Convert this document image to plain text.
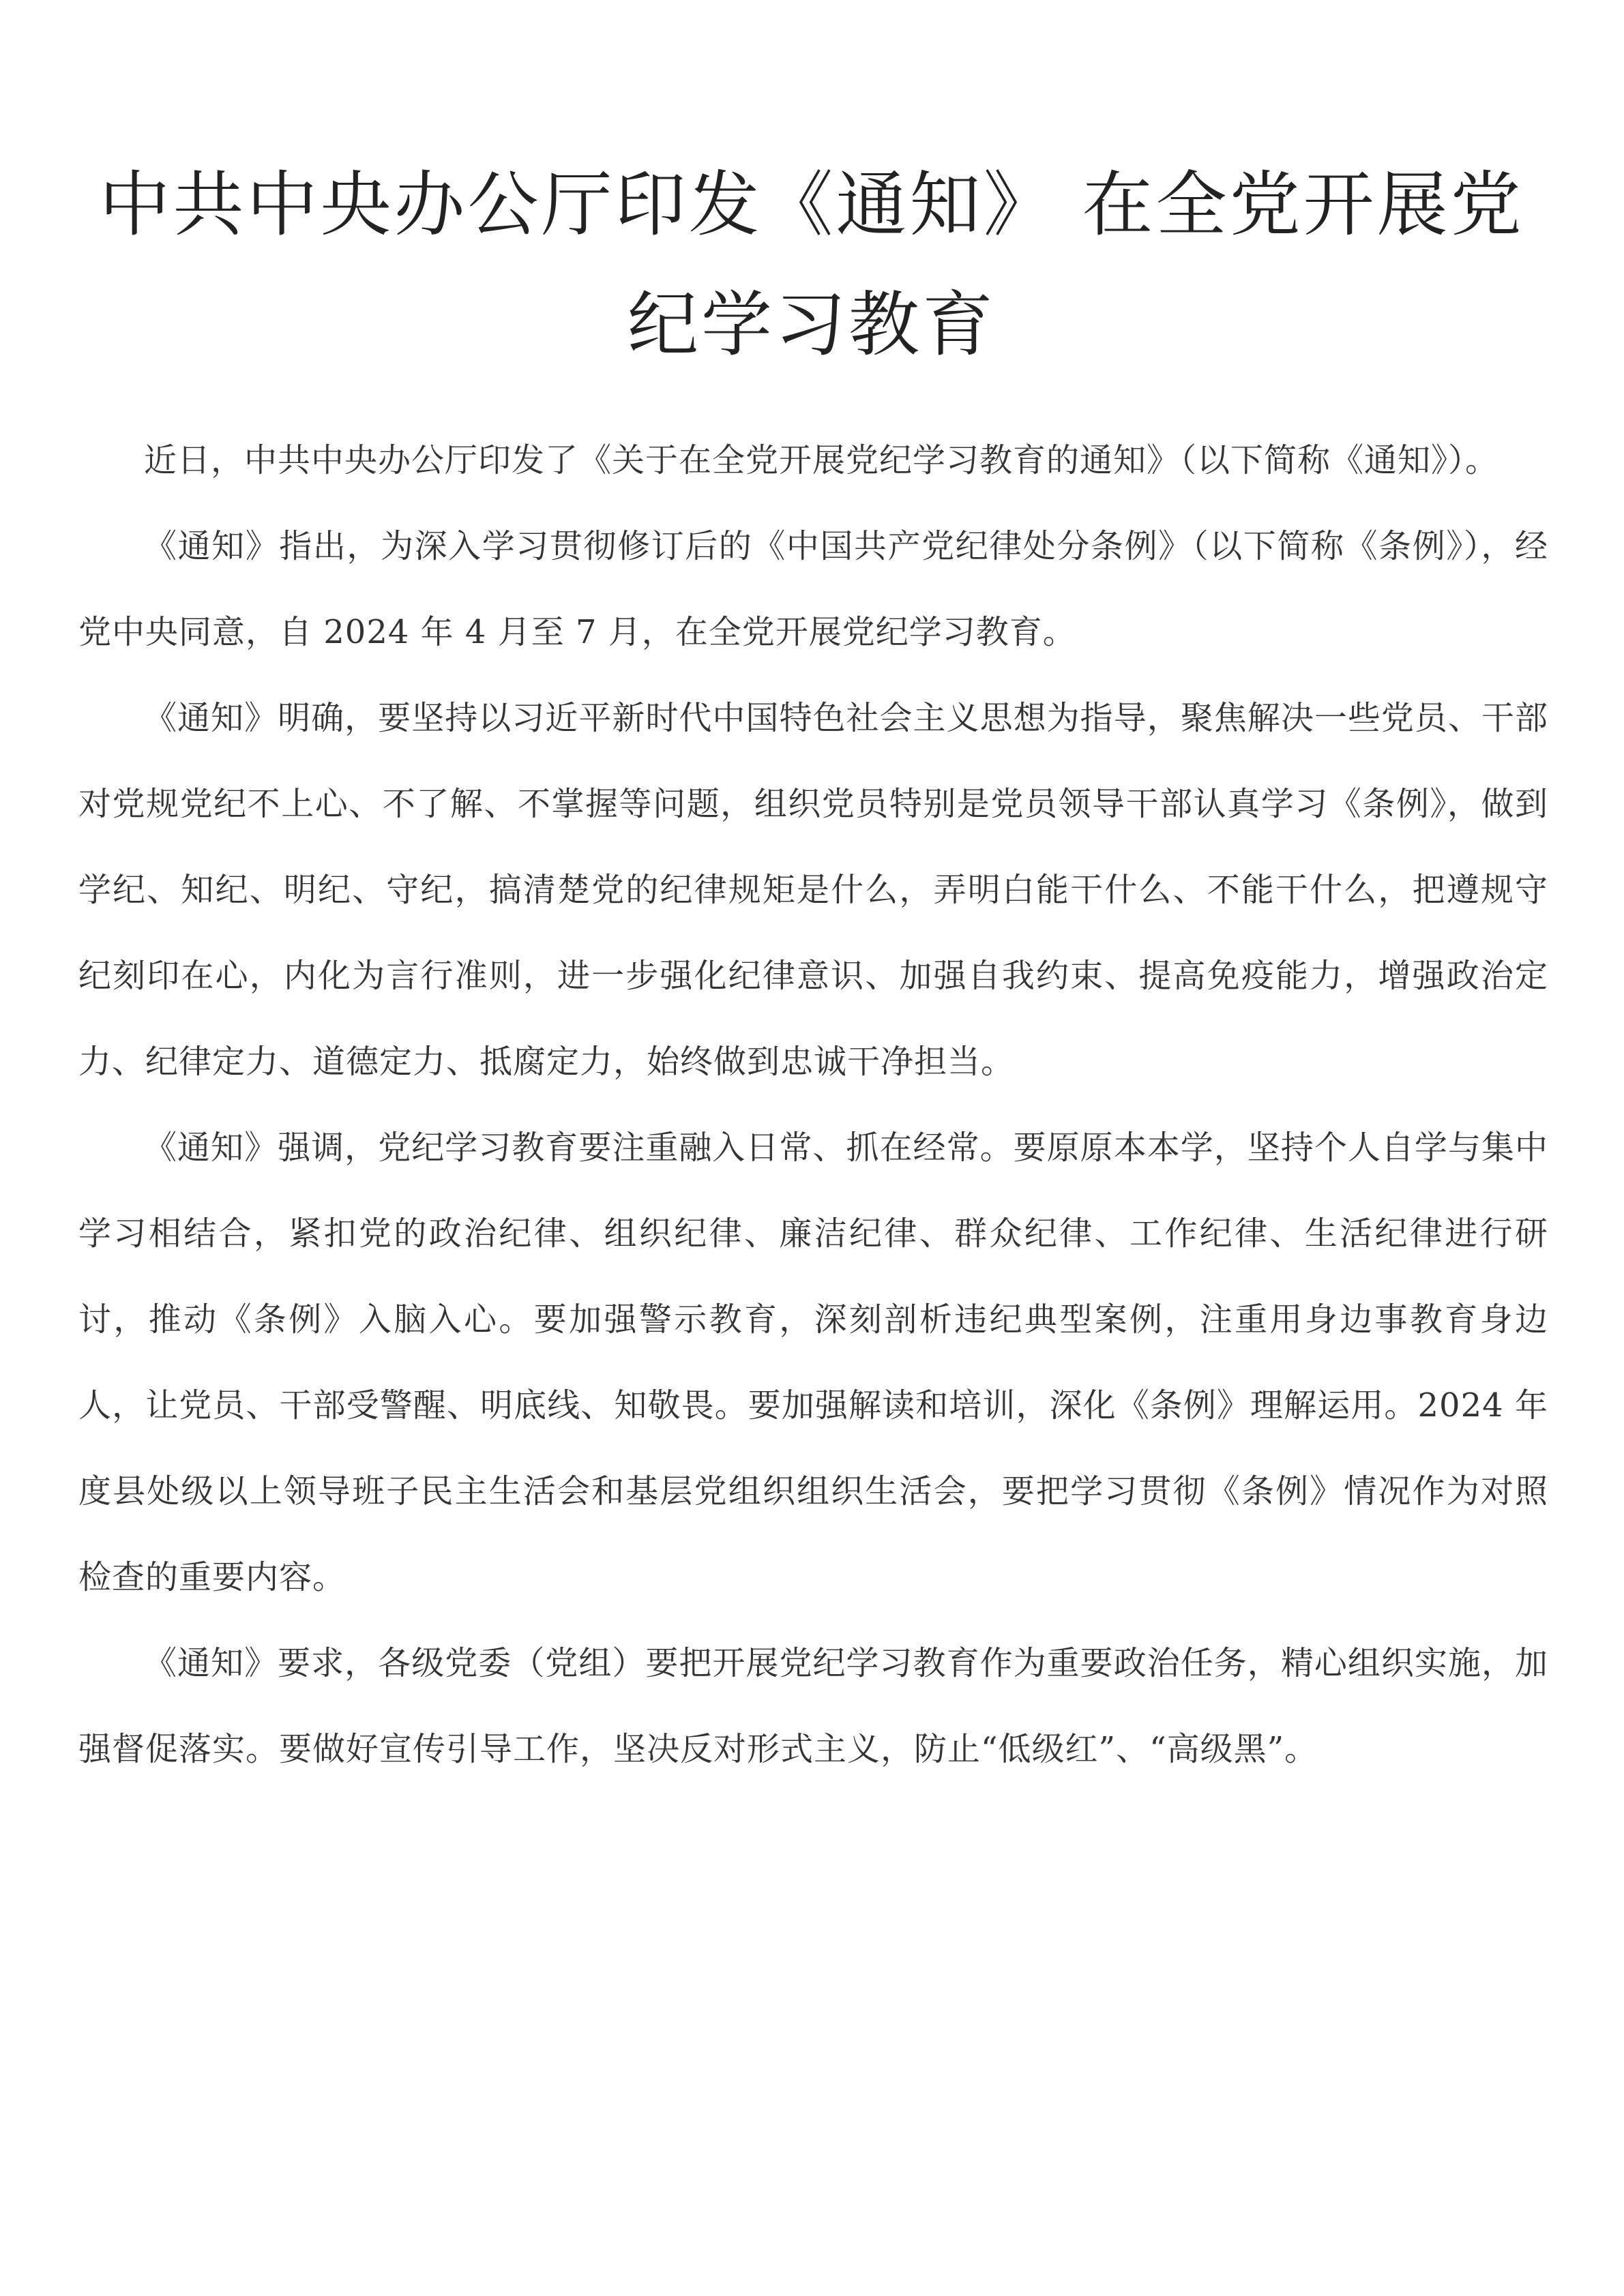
中共中央办公厅印发《通知》 在全党开展党纪学习教育

近日，中共中央办公厅印发了《关于在全党开展党纪学习教育的通知》（以下简称《通知》）。

《通知》指出，为深入学习贯彻修订后的《中国共产党纪律处分条例》（以下简称《条例》），经党中央同意，自 2024 年 4 月至 7 月，在全党开展党纪学习教育。

《通知》明确，要坚持以习近平新时代中国特色社会主义思想为指导，聚焦解决一些党员、干部对党规党纪不上心、不了解、不掌握等问题，组织党员特别是党员领导干部认真学习《条例》，做到学纪、知纪、明纪、守纪，搞清楚党的纪律规矩是什么，弄明白能干什么、不能干什么，把遵规守纪刻印在心，内化为言行准则，进一步强化纪律意识、加强自我约束、提高免疫能力，增强政治定力、纪律定力、道德定力、抵腐定力，始终做到忠诚干净担当。

《通知》强调，党纪学习教育要注重融入日常、抓在经常。要原原本本学，坚持个人自学与集中学习相结合，紧扣党的政治纪律、组织纪律、廉洁纪律、群众纪律、工作纪律、生活纪律进行研讨，推动《条例》入脑入心。要加强警示教育，深刻剖析违纪典型案例，注重用身边事教育身边人，让党员、干部受警醒、明底线、知敬畏。要加强解读和培训，深化《条例》理解运用。2024 年度县处级以上领导班子民主生活会和基层党组织组织生活会，要把学习贯彻《条例》情况作为对照检查的重要内容。

《通知》要求，各级党委（党组）要把开展党纪学习教育作为重要政治任务，精心组织实施，加强督促落实。要做好宣传引导工作，坚决反对形式主义，防止“低级红”、“高级黑”。
